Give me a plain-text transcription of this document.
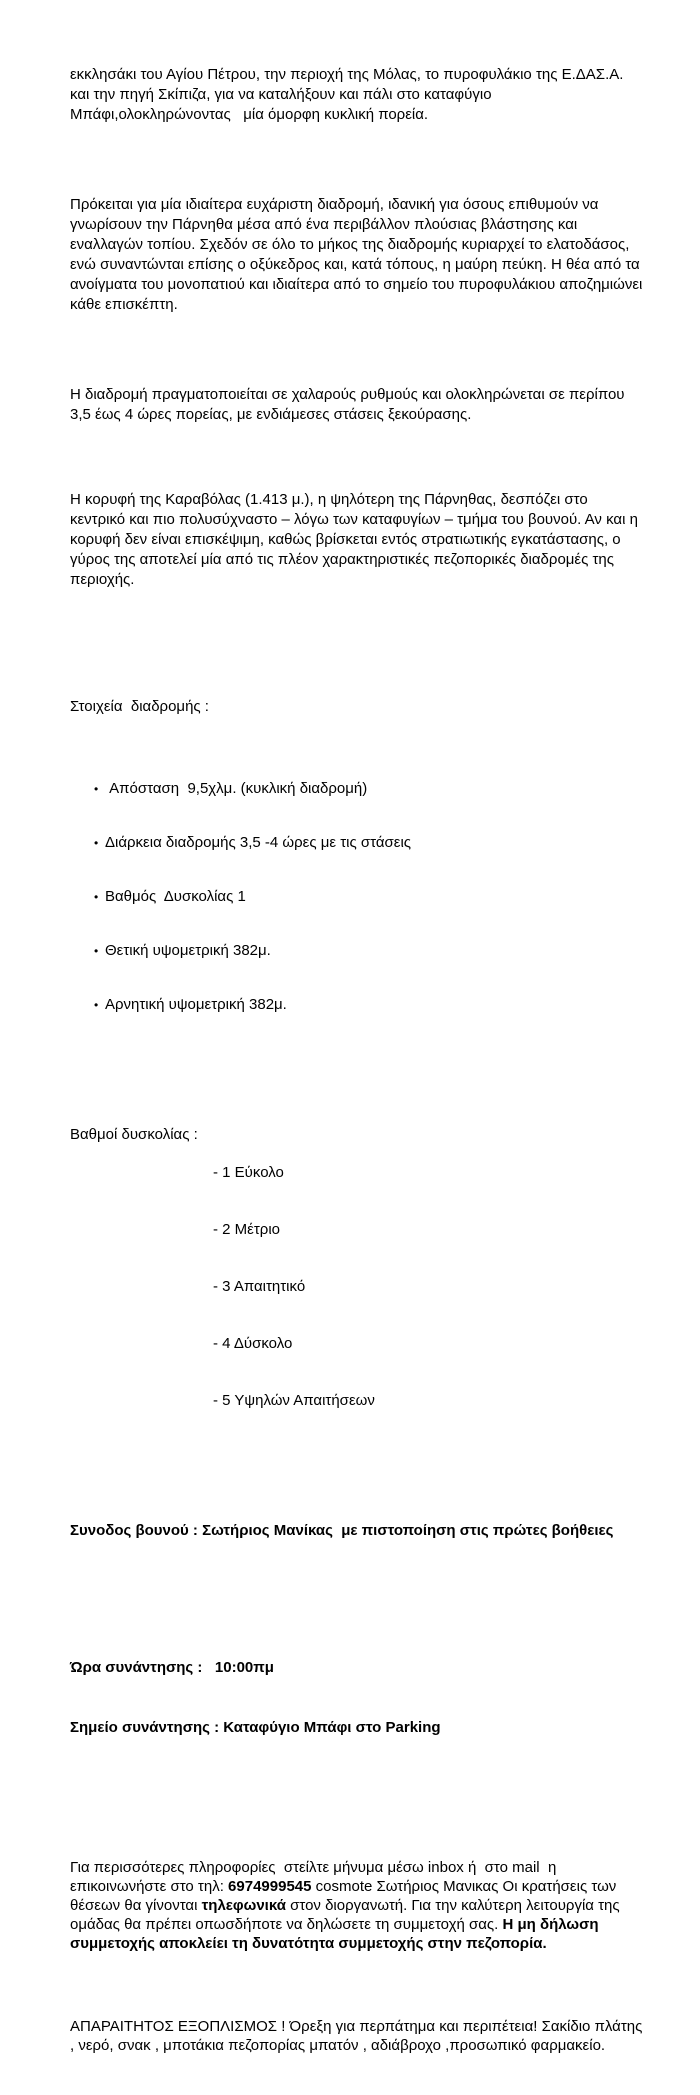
εκκλησάκι του Αγίου Πέτρου, την περιοχή της Μόλας, το πυροφυλάκιο της Ε.ΔΑΣ.Α. και την πηγή Σκίπιζα, για να καταλήξουν και πάλι στο καταφύγιο Μπάφι,ολοκληρώνοντας   μία όμορφη κυκλική πορεία.

Πρόκειται για μία ιδιαίτερα ευχάριστη διαδρομή, ιδανική για όσους επιθυμούν να γνωρίσουν την Πάρνηθα μέσα από ένα περιβάλλον πλούσιας βλάστησης και εναλλαγών τοπίου. Σχεδόν σε όλο το μήκος της διαδρομής κυριαρχεί το ελατοδάσος, ενώ συναντώνται επίσης ο οξύκεδρος και, κατά τόπους, η μαύρη πεύκη. Η θέα από τα ανοίγματα του μονοπατιού και ιδιαίτερα από το σημείο του πυροφυλάκιου αποζημιώνει κάθε επισκέπτη.

Η διαδρομή πραγματοποιείται σε χαλαρούς ρυθμούς και ολοκληρώνεται σε περίπου 3,5 έως 4 ώρες πορείας, με ενδιάμεσες στάσεις ξεκούρασης.

Η κορυφή της Καραβόλας (1.413 μ.), η ψηλότερη της Πάρνηθας, δεσπόζει στο κεντρικό και πιο πολυσύχναστο – λόγω των καταφυγίων – τμήμα του βουνού. Αν και η κορυφή δεν είναι επισκέψιμη, καθώς βρίσκεται εντός στρατιωτικής εγκατάστασης, ο γύρος της αποτελεί μία από τις πλέον χαρακτηριστικές πεζοπορικές διαδρομές της περιοχής.

Στοιχεία  διαδρομής :

• Απόσταση  9,5χλμ. (κυκλική διαδρομή)

• Διάρκεια διαδρομής 3,5 -4 ώρες με τις στάσεις

• Βαθμός  Δυσκολίας 1

• Θετική υψομετρική 382μ.

• Αρνητική υψομετρική 382μ.

Βαθμοί δυσκολίας :

- 1 Εύκολο

- 2 Μέτριο

- 3 Απαιτητικό

- 4 Δύσκολο

- 5 Υψηλών Απαιτήσεων

Συνοδος βουνού : Σωτήριος Μανίκας  με πιστοποίηση στις πρώτες βοήθειες

Ώρα συνάντησης :   10:00πμ

Σημείο συνάντησης : Καταφύγιο Μπάφι στο Parking

Για περισσότερες πληροφορίες  στείλτε μήνυμα μέσω inbox ή  στο mail  η επικοινωνήστε στο τηλ: 6974999545 cosmote Σωτήριος Μανικας Οι κρατήσεις των θέσεων θα γίνονται τηλεφωνικά στον διοργανωτή. Για την καλύτερη λειτουργία της ομάδας θα πρέπει οπωσδήποτε να δηλώσετε τη συμμετοχή σας. Η μη δήλωση συμμετοχής αποκλείει τη δυνατότητα συμμετοχής στην πεζοπορία.

ΑΠΑΡΑΙΤΗΤΟΣ ΕΞΟΠΛΙΣΜΟΣ ! Όρεξη για περπάτημα και περιπέτεια! Σακίδιο πλάτης , νερό, σνακ , μποτάκια πεζοπορίας μπατόν , αδιάβροχο ,προσωπικό φαρμακείο.
